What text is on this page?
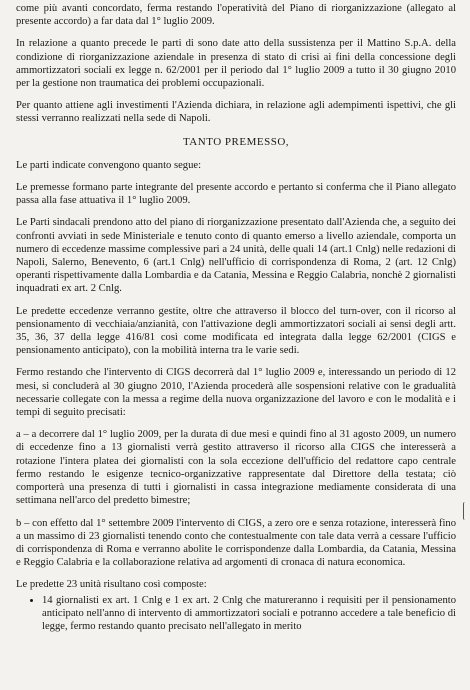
come più avanti concordato, ferma restando l'operatività del Piano di riorganizzazione (allegato al presente accordo) a far data dal 1° luglio 2009.

In relazione a quanto precede le parti di sono date atto della sussistenza per il Mattino S.p.A. della condizione di riorganizzazione aziendale in presenza di stato di crisi ai fini della concessione degli ammortizzatori sociali ex legge n. 62/2001 per il periodo dal 1° luglio 2009 a tutto il 30 giugno 2010 per la gestione non traumatica dei problemi occupazionali.

Per quanto attiene agli investimenti l'Azienda dichiara, in relazione agli adempimenti ispettivi, che gli stessi verranno realizzati nella sede di Napoli.

TANTO PREMESSO,

Le parti indicate convengono quanto segue:

Le premesse formano parte integrante del presente accordo e pertanto si conferma che il Piano allegato passa alla fase attuativa il 1° luglio 2009.

Le Parti sindacali prendono atto del piano di riorganizzazione presentato dall'Azienda che, a seguito dei confronti avviati in sede Ministeriale e tenuto conto di quanto emerso a livello aziendale, comporta un numero di eccedenze massime complessive pari a 24 unità, delle quali 14 (art.1 Cnlg) nelle redazioni di Napoli, Salerno, Benevento, 6 (art.1 Cnlg) nell'ufficio di corrispondenza di Roma, 2 (art. 12 Cnlg) operanti rispettivamente dalla Lombardia e da Catania, Messina e Reggio Calabria, nonchè 2 giornalisti inquadrati ex art. 2 Cnlg.

Le predette eccedenze verranno gestite, oltre che attraverso il blocco del turn-over, con il ricorso al pensionamento di vecchiaia/anzianità, con l'attivazione degli ammortizzatori sociali ai sensi degli artt. 35, 36, 37 della legge 416/81 così come modificata ed integrata dalla legge 62/2001 (CIGS e pensionamento anticipato), con la mobilità interna tra le varie sedi.

Fermo restando che l'intervento di CIGS decorrerà dal 1° luglio 2009 e, interessando un periodo di 12 mesi, si concluderà al 30 giugno 2010, l'Azienda procederà alle sospensioni relative con le gradualità necessarie collegate con la messa a regime della nuova organizzazione del lavoro e con le modalità e i tempi di seguito precisati:

a – a decorrere dal 1° luglio 2009, per la durata di due mesi e quindi fino al 31 agosto 2009, un numero di eccedenze fino a 13 giornalisti verrà gestito attraverso il ricorso alla CIGS che interesserà a rotazione l'intera platea dei giornalisti con la sola eccezione dell'ufficio del redattore capo centrale fermo restando le esigenze tecnico-organizzative rappresentate dal Direttore della testata; ciò comporterà una presenza di tutti i giornalisti in cassa integrazione mediamente considerata di una settimana nell'arco del predetto bimestre;

b – con effetto dal 1° settembre 2009 l'intervento di CIGS, a zero ore e senza rotazione, interesserà fino a un massimo di 23 giornalisti tenendo conto che contestualmente con tale data verrà a cessare l'ufficio di corrispondenza di Roma e verranno abolite le corrispondenze dalla Lombardia, da Catania, Messina e Reggio Calabria e la collaborazione relativa ad argomenti di cronaca di natura economica.

Le predette 23 unità risultano così composte:

• 14 giornalisti ex art. 1 Cnlg e 1 ex art. 2 Cnlg che matureranno i requisiti per il pensionamento anticipato nell'anno di intervento di ammortizzatori sociali e potranno accedere a tale beneficio di legge, fermo restando quanto precisato nell'allegato in merito
